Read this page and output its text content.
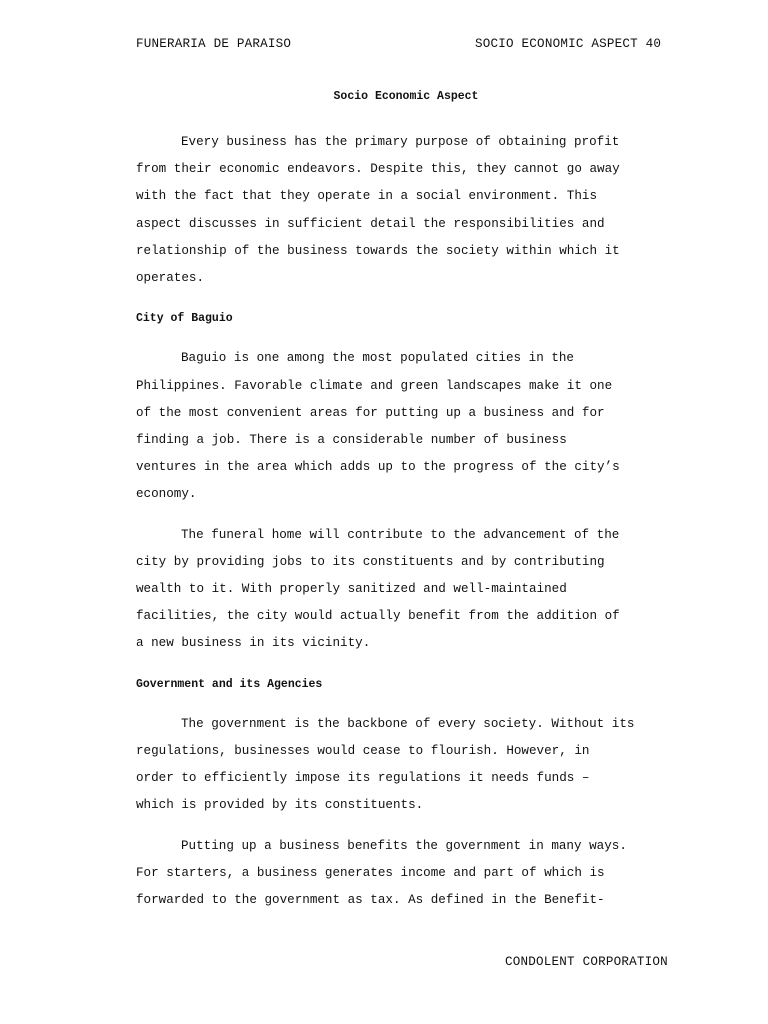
FUNERARIA DE PARAISO	SOCIO ECONOMIC ASPECT 40
Socio Economic Aspect
Every business has the primary purpose of obtaining profit
from their economic endeavors. Despite this, they cannot go away
with the fact that they operate in a social environment. This
aspect discusses in sufficient detail the responsibilities and
relationship of the business towards the society within which it
operates.
City of Baguio
Baguio is one among the most populated cities in the
Philippines. Favorable climate and green landscapes make it one
of the most convenient areas for putting up a business and for
finding a job. There is a considerable number of business
ventures in the area which adds up to the progress of the city’s
economy.
The funeral home will contribute to the advancement of the
city by providing jobs to its constituents and by contributing
wealth to it. With properly sanitized and well-maintained
facilities, the city would actually benefit from the addition of
a new business in its vicinity.
Government and its Agencies
The government is the backbone of every society. Without its
regulations, businesses would cease to flourish. However, in
order to efficiently impose its regulations it needs funds –
which is provided by its constituents.
Putting up a business benefits the government in many ways.
For starters, a business generates income and part of which is
forwarded to the government as tax. As defined in the Benefit-
CONDOLENT CORPORATION
